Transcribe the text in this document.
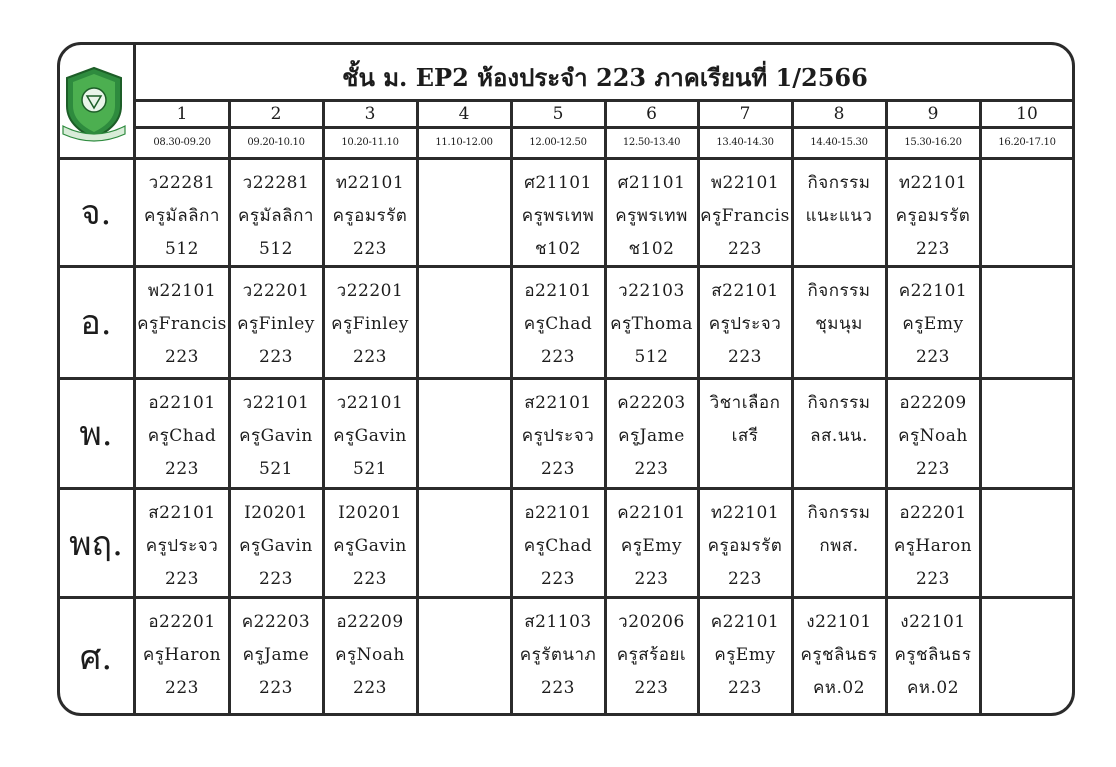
ชั้น ม. EP2 ห้องประจำ 223 ภาคเรียนที่ 1/2566
1
08.30-09.20
2
09.20-10.10
3
10.20-11.10
4
11.10-12.00
5
12.00-12.50
6
12.50-13.40
7
13.40-14.30
8
14.40-15.30
9
15.30-16.20
10
16.20-17.10
จ.
ว22281
ครูมัลลิกา
512
ว22281
ครูมัลลิกา
512
ท22101
ครูอมรรัต
223
ศ21101
ครูพรเทพ
ช102
ศ21101
ครูพรเทพ
ช102
พ22101
ครูFrancis
223
กิจกรรม
แนะแนว
ท22101
ครูอมรรัต
223
อ.
พ22101
ครูFrancis
223
ว22201
ครูFinley
223
ว22201
ครูFinley
223
อ22101
ครูChad
223
ว22103
ครูThoma
512
ส22101
ครูประจว
223
กิจกรรม
ชุมนุม
ค22101
ครูEmy
223
พ.
อ22101
ครูChad
223
ว22101
ครูGavin
521
ว22101
ครูGavin
521
ส22101
ครูประจว
223
ค22203
ครูJame
223
วิชาเลือก
เสรี
กิจกรรม
ลส.นน.
อ22209
ครูNoah
223
พฤ.
ส22101
ครูประจว
223
I20201
ครูGavin
223
I20201
ครูGavin
223
อ22101
ครูChad
223
ค22101
ครูEmy
223
ท22101
ครูอมรรัต
223
กิจกรรม
กพส.
อ22201
ครูHaron
223
ศ.
อ22201
ครูHaron
223
ค22203
ครูJame
223
อ22209
ครูNoah
223
ส21103
ครูรัตนาภ
223
ว20206
ครูสร้อยเ
223
ค22101
ครูEmy
223
ง22101
ครูชลินธร
คห.02
ง22101
ครูชลินธร
คห.02
